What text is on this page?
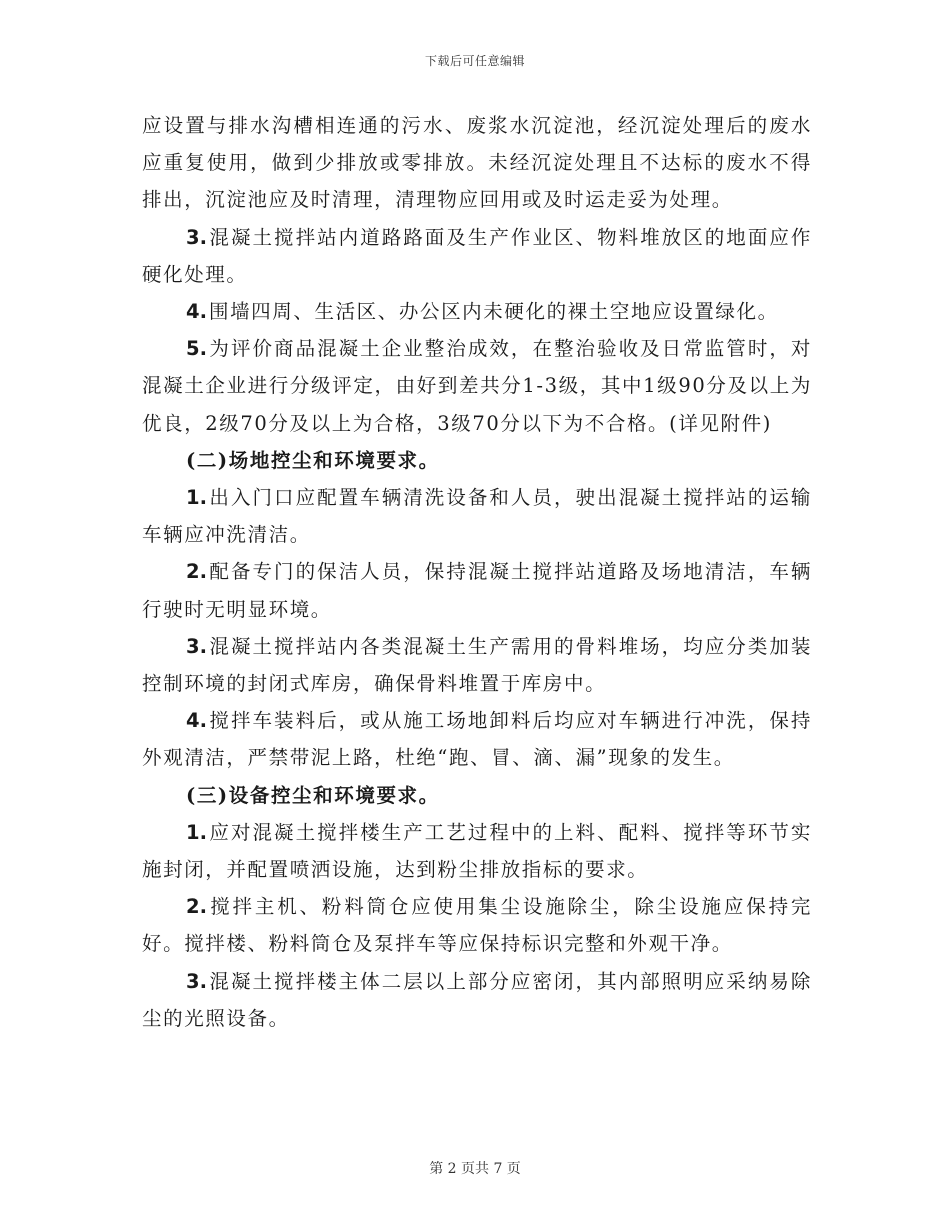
下载后可任意编辑

应设置与排水沟槽相连通的污水、废浆水沉淀池，经沉淀处理后的废水应重复使用，做到少排放或零排放。未经沉淀处理且不达标的废水不得排出，沉淀池应及时清理，清理物应回用或及时运走妥为处理。

3. 混凝土搅拌站内道路路面及生产作业区、物料堆放区的地面应作硬化处理。

4. 围墙四周、生活区、办公区内未硬化的裸土空地应设置绿化。

5. 为评价商品混凝土企业整治成效，在整治验收及日常监管时，对混凝土企业进行分级评定，由好到差共分1-3级，其中1级90分及以上为优良，2级70分及以上为合格，3级70分以下为不合格。(详见附件)

(二)场地控尘和环境要求。

1. 出入门口应配置车辆清洗设备和人员，驶出混凝土搅拌站的运输车辆应冲洗清洁。

2. 配备专门的保洁人员，保持混凝土搅拌站道路及场地清洁，车辆行驶时无明显环境。

3. 混凝土搅拌站内各类混凝土生产需用的骨料堆场，均应分类加装控制环境的封闭式库房，确保骨料堆置于库房中。

4. 搅拌车装料后，或从施工场地卸料后均应对车辆进行冲洗，保持外观清洁，严禁带泥上路，杜绝“跑、冒、滴、漏”现象的发生。

(三)设备控尘和环境要求。

1. 应对混凝土搅拌楼生产工艺过程中的上料、配料、搅拌等环节实施封闭，并配置喷洒设施，达到粉尘排放指标的要求。

2. 搅拌主机、粉料筒仓应使用集尘设施除尘，除尘设施应保持完好。搅拌楼、粉料筒仓及泵拌车等应保持标识完整和外观干净。

3. 混凝土搅拌楼主体二层以上部分应密闭，其内部照明应采纳易除尘的光照设备。

第 2 页共 7 页
